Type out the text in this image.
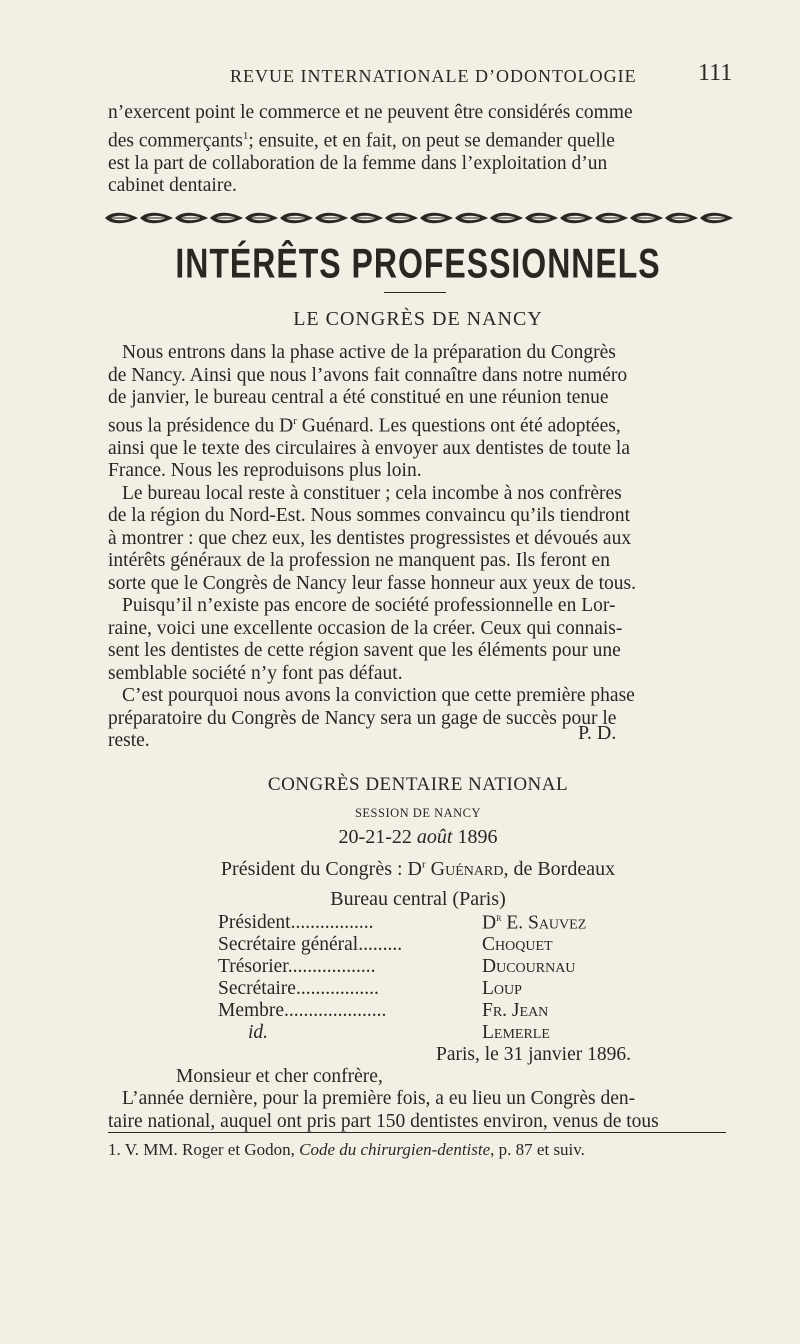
REVUE INTERNATIONALE D’ODONTOLOGIE	111

n’exercent point le commerce et ne peuvent être considérés comme

des commerçants$^1$; ensuite, et en fait, on peut se demander quelle

est la part de collaboration de la femme dans l’exploitation d’un

cabinet dentaire.

INTÉRÊTS PROFESSIONNELS
LE CONGRÈS DE NANCY

Nous entrons dans la phase active de la préparation du Congrès

de Nancy. Ainsi que nous l’avons fait connaître dans notre numéro

de janvier, le bureau central a été constitué en une réunion tenue

sous la présidence du $D^r$ Guénard. Les questions ont été adoptées,

ainsi que le texte des circulaires à envoyer aux dentistes de toute la

France. Nous les reproduisons plus loin.

Le bureau local reste à constituer ; cela incombe à nos confrères

de la région du Nord-Est. Nous sommes convaincu qu’ils tiendront

à montrer : que chez eux, les dentistes progressistes et dévoués aux

intérêts généraux de la profession ne manquent pas. Ils feront en

sorte que le Congrès de Nancy leur fasse honneur aux yeux de tous.

Puisqu’il n’existe pas encore de société professionnelle en Lor-

raine, voici une excellente occasion de la créer. Ceux qui connais-

sent les dentistes de cette région savent que les éléments pour une

semblable société n’y font pas défaut.

C’est pourquoi nous avons la conviction que cette première phase

préparatoire du Congrès de Nancy sera un gage de succès pour le

reste.	P. D.
CONGRÈS DENTAIRE NATIONAL
SESSION DE NANCY
20-21-22 août 1896
Président du Congrès : $D^r$ Guénard, de Bordeaux
Bureau central (Paris)
Président.................	$D^r$ E. Sauvez
Secrétaire général.........	Choquet
Trésorier..................	Ducournau
Secrétaire.................	Loup
Membre.....................	Fr. Jean
id.	Lemerle
Paris, le 31 janvier 1896.
Monsieur et cher confrère,

L’année dernière, pour la première fois, a eu lieu un Congrès den-

taire national, auquel ont pris part 150 dentistes environ, venus de tous

1. V. MM. Roger et Godon, Code du chirurgien-dentiste, p. 87 et suiv.
